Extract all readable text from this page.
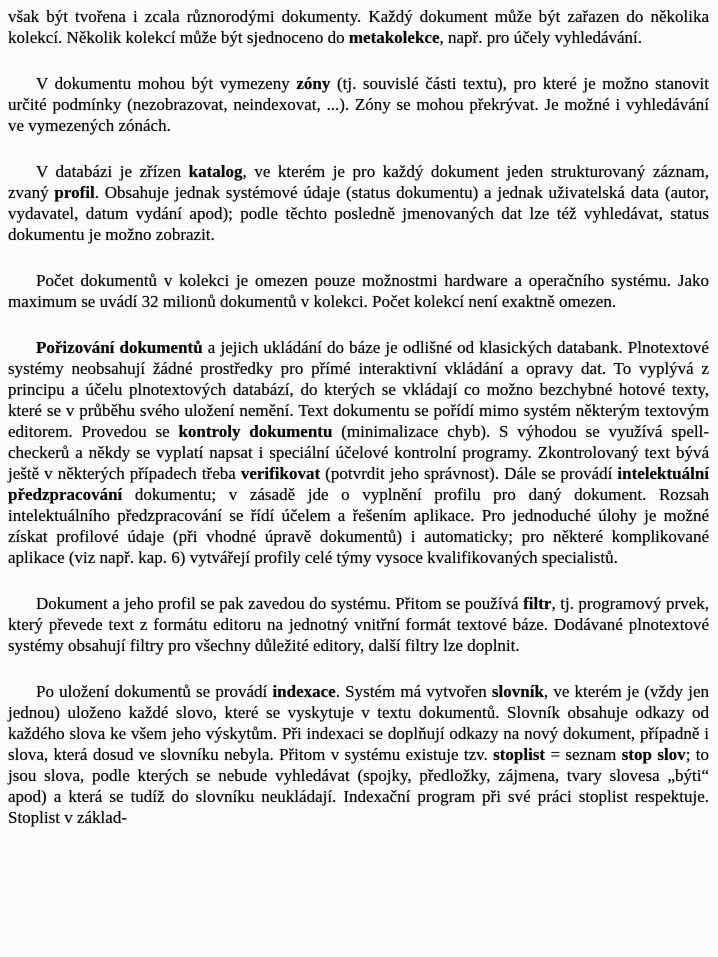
však být tvořena i zcala různorodými dokumenty. Každý dokument může být zařazen do několika kolekcí. Několik kolekcí může být sjednoceno do metakolekce, např. pro účely vyhledávání.

V dokumentu mohou být vymezeny zóny (tj. souvislé části textu), pro které je možno stanovit určité podmínky (nezobrazovat, neindexovat, ...). Zóny se mohou překrývat. Je možné i vyhledávání ve vymezených zónách.

V databázi je zřízen katalog, ve kterém je pro každý dokument jeden strukturovaný záznam, zvaný profil. Obsahuje jednak systémové údaje (status dokumentu) a jednak uživatelská data (autor, vydavatel, datum vydání apod); podle těchto posledně jmenovaných dat lze též vyhledávat, status dokumentu je možno zobrazit.

Počet dokumentů v kolekci je omezen pouze možnostmi hardware a operačního systému. Jako maximum se uvádí 32 milionů dokumentů v kolekci. Počet kolekcí není exaktně omezen.

Pořizování dokumentů a jejich ukládání do báze je odlišné od klasických databank. Plnotextové systémy neobsahují žádné prostředky pro přímé interaktivní vkládání a opravy dat. To vyplývá z principu a účelu plnotextových databází, do kterých se vkládají co možno bezchybné hotové texty, které se v průběhu svého uložení nemění. Text dokumentu se pořídí mimo systém některým textovým editorem. Provedou se kontroly dokumentu (minimalizace chyb). S výhodou se využívá spell-checkerů a někdy se vyplatí napsat i speciální účelové kontrolní programy. Zkontrolovaný text bývá ještě v některých případech třeba verifikovat (potvrdit jeho správnost). Dále se provádí intelektuální předzpracování dokumentu; v zásadě jde o vyplnění profilu pro daný dokument. Rozsah intelektuálního předzpracování se řídí účelem a řešením aplikace. Pro jednoduché úlohy je možné získat profilové údaje (při vhodné úpravě dokumentů) i automaticky; pro některé komplikované aplikace (viz např. kap. 6) vytvářejí profily celé týmy vysoce kvalifikovaných specialistů.

Dokument a jeho profil se pak zavedou do systému. Přitom se používá filtr, tj. programový prvek, který převede text z formátu editoru na jednotný vnitřní formát textové báze. Dodávané plnotextové systémy obsahují filtry pro všechny důležité editory, další filtry lze doplnit.

Po uložení dokumentů se provádí indexace. Systém má vytvořen slovník, ve kterém je (vždy jen jednou) uloženo každé slovo, které se vyskytuje v textu dokumentů. Slovník obsahuje odkazy od každého slova ke všem jeho výskytům. Při indexaci se doplňují odkazy na nový dokument, případně i slova, která dosud ve slovníku nebyla. Přitom v systému existuje tzv. stoplist = seznam stop slov; to jsou slova, podle kterých se nebude vyhledávat (spojky, předložky, zájmena, tvary slovesa „býti“ apod) a která se tudíž do slovníku neukládají. Indexační program při své práci stoplist respektuje. Stoplist v základ-
